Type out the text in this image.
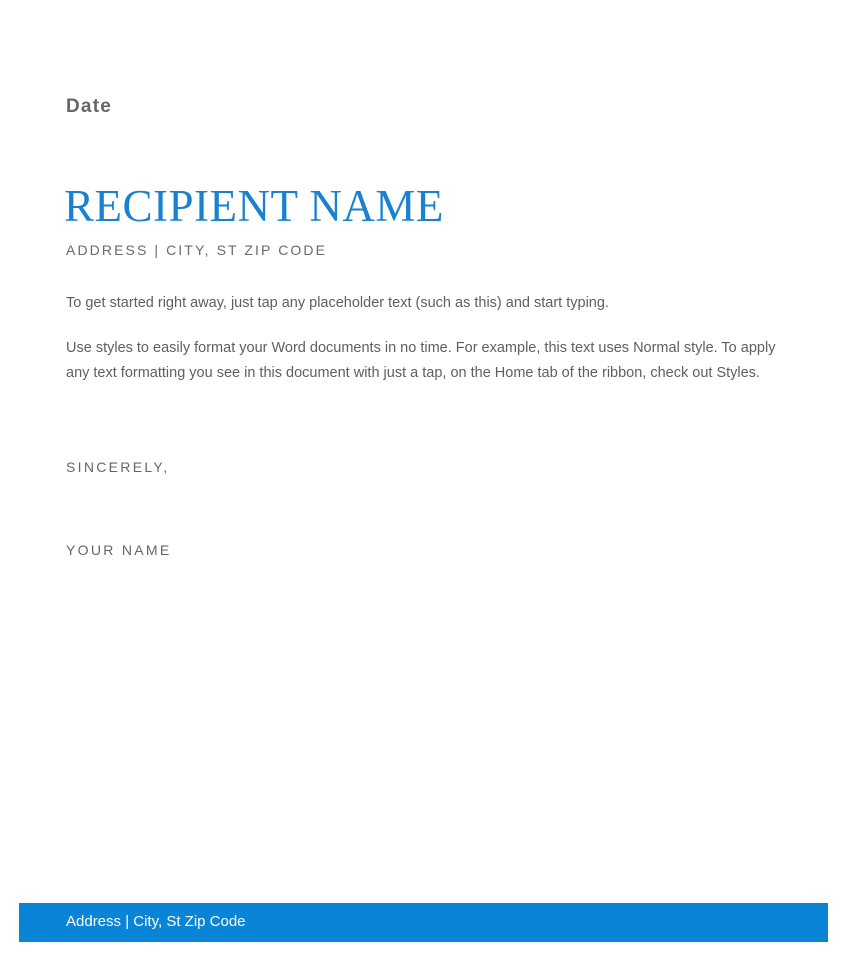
Date
RECIPIENT NAME
ADDRESS | CITY, ST ZIP CODE
To get started right away, just tap any placeholder text (such as this) and start typing.
Use styles to easily format your Word documents in no time. For example, this text uses Normal style. To apply any text formatting you see in this document with just a tap, on the Home tab of the ribbon, check out Styles.
SINCERELY,
YOUR NAME
Address | City, St Zip Code
